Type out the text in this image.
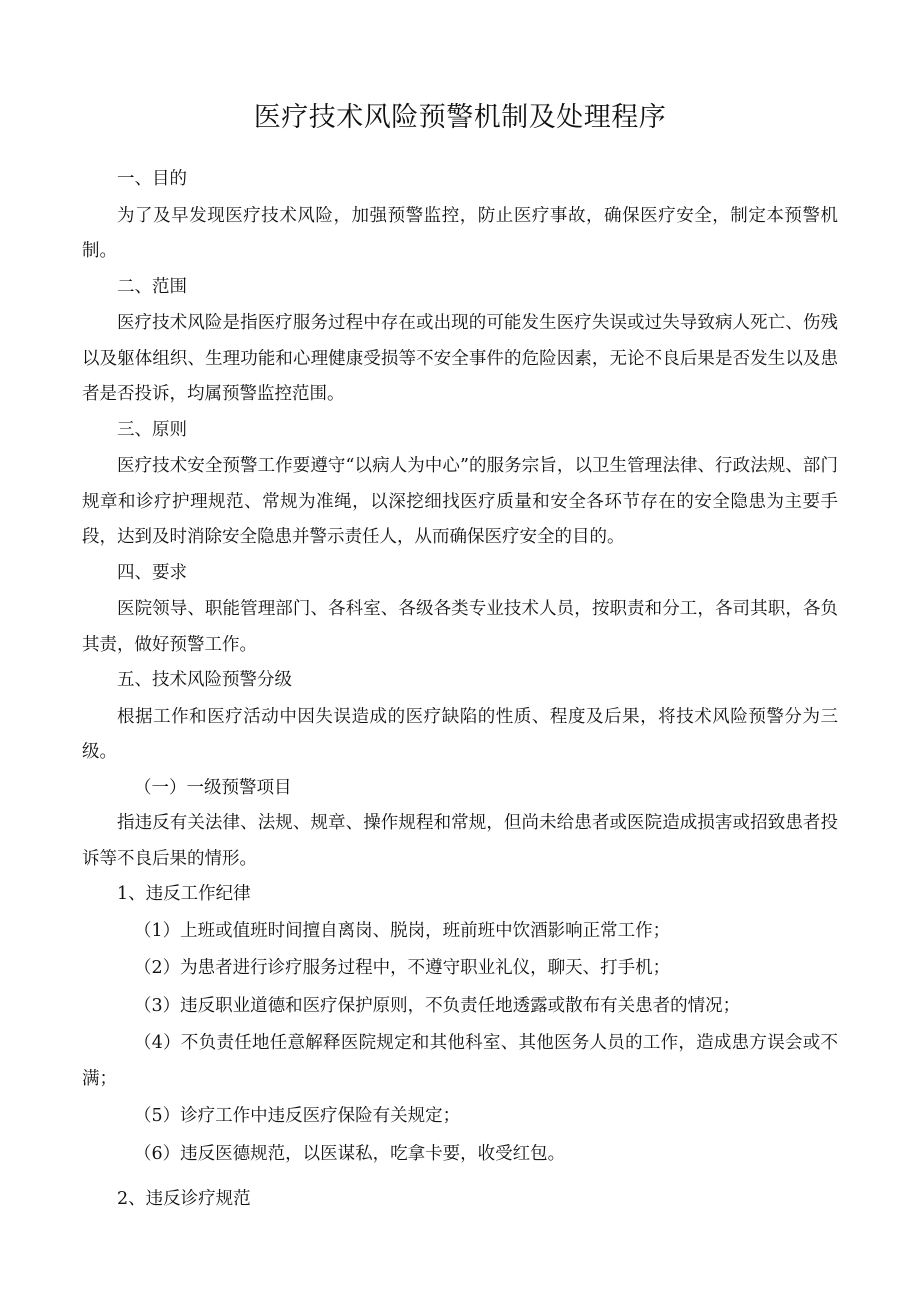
医疗技术风险预警机制及处理程序

一、目的

为了及早发现医疗技术风险，加强预警监控，防止医疗事故，确保医疗安全，制定本预警机制。

二、范围

医疗技术风险是指医疗服务过程中存在或出现的可能发生医疗失误或过失导致病人死亡、伤残以及躯体组织、生理功能和心理健康受损等不安全事件的危险因素，无论不良后果是否发生以及患者是否投诉，均属预警监控范围。

三、原则

医疗技术安全预警工作要遵守“以病人为中心”的服务宗旨，以卫生管理法律、行政法规、部门规章和诊疗护理规范、常规为准绳，以深挖细找医疗质量和安全各环节存在的安全隐患为主要手段，达到及时消除安全隐患并警示责任人，从而确保医疗安全的目的。

四、要求

医院领导、职能管理部门、各科室、各级各类专业技术人员，按职责和分工，各司其职，各负其责，做好预警工作。

五、技术风险预警分级

根据工作和医疗活动中因失误造成的医疗缺陷的性质、程度及后果，将技术风险预警分为三级。

（一）一级预警项目

指违反有关法律、法规、规章、操作规程和常规，但尚未给患者或医院造成损害或招致患者投诉等不良后果的情形。

1、违反工作纪律

（1）上班或值班时间擅自离岗、脱岗，班前班中饮酒影响正常工作；

（2）为患者进行诊疗服务过程中，不遵守职业礼仪，聊天、打手机；

（3）违反职业道德和医疗保护原则，不负责任地透露或散布有关患者的情况；

（4）不负责任地任意解释医院规定和其他科室、其他医务人员的工作，造成患方误会或不满；

（5）诊疗工作中违反医疗保险有关规定；

（6）违反医德规范，以医谋私，吃拿卡要，收受红包。

2、违反诊疗规范
